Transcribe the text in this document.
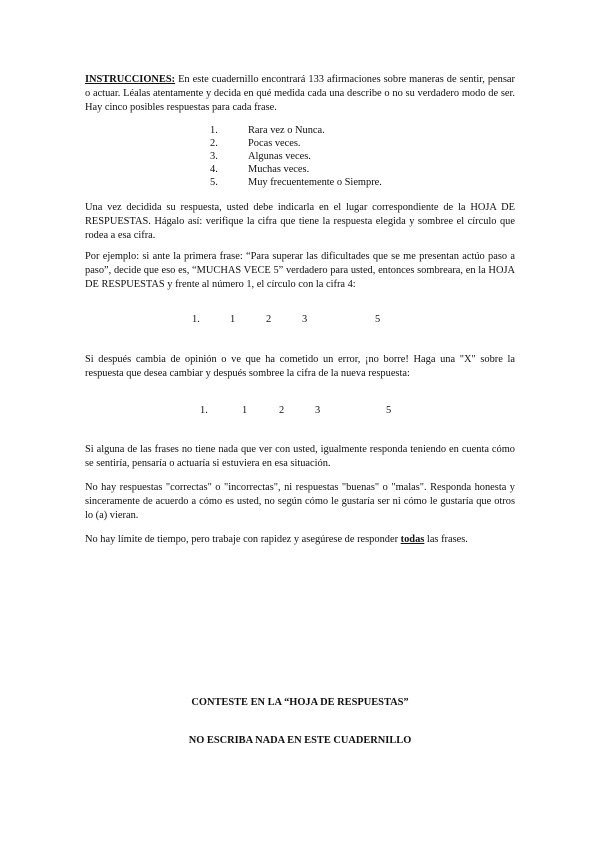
INSTRUCCIONES: En este cuadernillo encontrará 133 afirmaciones sobre maneras de sentir, pensar o actuar. Léalas atentamente y decida en qué medida cada una describe o no su verdadero modo de ser. Hay cinco posibles respuestas para cada frase.

1.	Rara vez o Nunca.
2.	Pocas veces.
3.	Algunas veces.
4.	Muchas veces.
5.	Muy frecuentemente o Siempre.

Una vez decidida su respuesta, usted debe indicarla en el lugar correspondiente de la HOJA DE RESPUESTAS. Hágalo así: verifique la cifra que tiene la respuesta elegida y sombree el círculo que rodea a esa cifra.

Por ejemplo: si ante la primera frase: “Para superar las dificultades que se me presentan actúo paso a paso”, decide que eso es, “MUCHAS VECE 5” verdadero para usted, entonces sombreara, en la HOJA DE RESPUESTAS y frente al número 1, el círculo con la cifra 4:

1.	1	2	3	5

Si después cambia de opinión o ve que ha cometido un error, ¡no borre! Haga una "X" sobre la respuesta que desea cambiar y después sombree la cifra de la nueva respuesta:

1.	1	2	3	5

Si alguna de las frases no tiene nada que ver con usted, igualmente responda teniendo en cuenta cómo se sentiría, pensaría o actuaría si estuviera en esa situación.

No hay respuestas "correctas" o "incorrectas", ni respuestas "buenas" o "malas". Responda honesta y sinceramente de acuerdo a cómo es usted, no según cómo le gustaría ser ni cómo le gustaría que otros lo (a) vieran.

No hay límite de tiempo, pero trabaje con rapidez y asegúrese de responder todas las frases.

CONTESTE EN LA “HOJA DE RESPUESTAS”
NO ESCRIBA NADA EN ESTE CUADERNILLO
